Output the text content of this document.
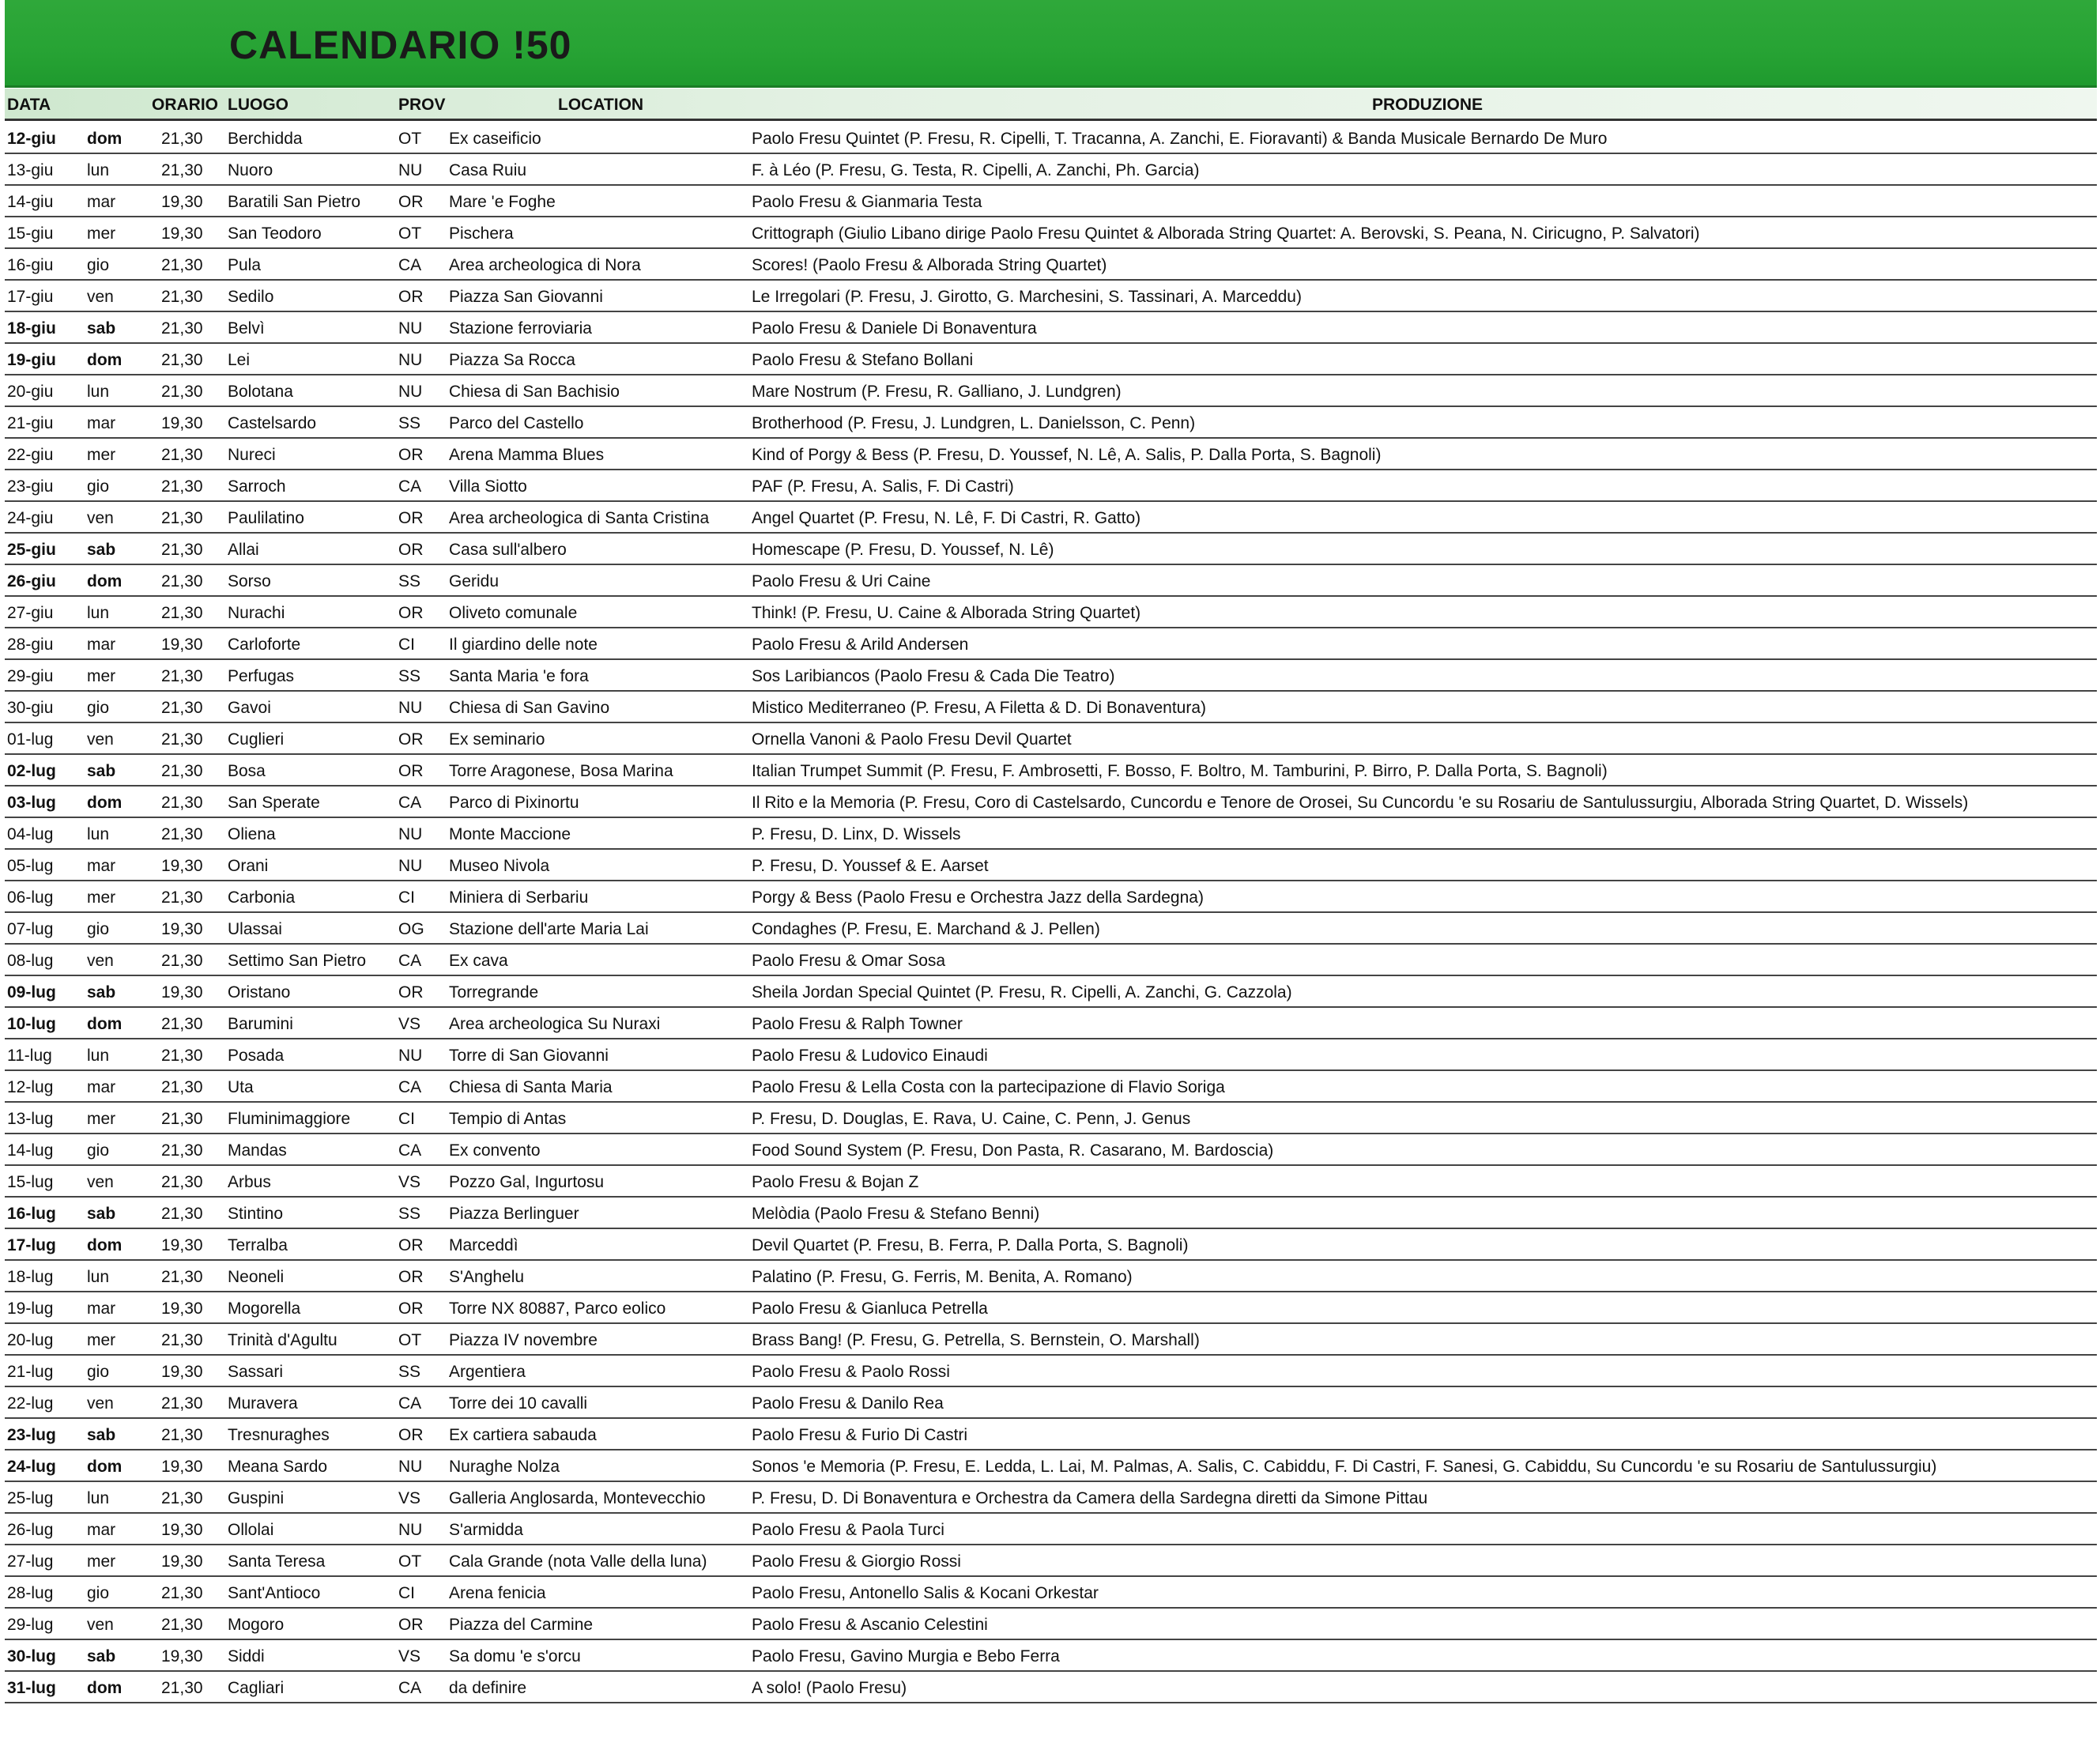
CALENDARIO !50
DATA	ORARIO LUOGO	PROV	LOCATION	PRODUZIONE
12-giu dom 21,30 Berchidda	OT Ex caseificio	Paolo Fresu Quintet (P. Fresu, R. Cipelli, T. Tracanna, A. Zanchi, E. Fioravanti) & Banda Musicale Bernardo De Muro
13-giu lun	21,30 Nuoro	NU Casa Ruiu	F. à Léo (P. Fresu, G. Testa, R. Cipelli, A. Zanchi, Ph. Garcia)
14-giu mar	19,30 Baratili San Pietro OR Mare 'e Foghe	Paolo Fresu & Gianmaria Testa
15-giu mer	19,30 San Teodoro	OT Pischera	Crittograph (Giulio Libano dirige Paolo Fresu Quintet & Alborada String Quartet: A. Berovski, S. Peana, N. Ciricugno, P. Salvatori)
16-giu gio	21,30 Pula	CA Area archeologica di Nora	Scores! (Paolo Fresu & Alborada String Quartet)
17-giu ven	21,30 Sedilo	OR Piazza San Giovanni	Le Irregolari (P. Fresu, J. Girotto, G. Marchesini, S. Tassinari, A. Marceddu)
18-giu sab	21,30 Belvì	NU Stazione ferroviaria	Paolo Fresu & Daniele Di Bonaventura
19-giu dom 21,30 Lei	NU Piazza Sa Rocca	Paolo Fresu & Stefano Bollani
20-giu lun	21,30 Bolotana	NU Chiesa di San Bachisio	Mare Nostrum (P. Fresu, R. Galliano, J. Lundgren)
21-giu mar	19,30 Castelsardo	SS Parco del Castello	Brotherhood (P. Fresu, J. Lundgren, L. Danielsson, C. Penn)
22-giu mer	21,30 Nureci	OR Arena Mamma Blues	Kind of Porgy & Bess (P. Fresu, D. Youssef, N. Lê, A. Salis, P. Dalla Porta, S. Bagnoli)
23-giu gio	21,30 Sarroch	CA Villa Siotto	PAF (P. Fresu, A. Salis, F. Di Castri)
24-giu ven	21,30 Paulilatino	OR Area archeologica di Santa Cristina	Angel Quartet (P. Fresu, N. Lê, F. Di Castri, R. Gatto)
25-giu sab	21,30 Allai	OR Casa sull'albero	Homescape (P. Fresu, D. Youssef, N. Lê)
26-giu dom 21,30 Sorso	SS Geridu	Paolo Fresu & Uri Caine
27-giu lun	21,30 Nurachi	OR Oliveto comunale	Think! (P. Fresu, U. Caine & Alborada String Quartet)
28-giu mar	19,30 Carloforte	CI Il giardino delle note	Paolo Fresu & Arild Andersen
29-giu mer	21,30 Perfugas	SS Santa Maria 'e fora	Sos Laribiancos (Paolo Fresu & Cada Die Teatro)
30-giu gio	21,30 Gavoi	NU Chiesa di San Gavino	Mistico Mediterraneo (P. Fresu, A Filetta & D. Di Bonaventura)
01-lug ven	21,30 Cuglieri	OR Ex seminario	Ornella Vanoni & Paolo Fresu Devil Quartet
02-lug sab	21,30 Bosa	OR Torre Aragonese, Bosa Marina	Italian Trumpet Summit (P. Fresu, F. Ambrosetti, F. Bosso, F. Boltro, M. Tamburini, P. Birro, P. Dalla Porta, S. Bagnoli)
03-lug dom 21,30 San Sperate	CA Parco di Pixinortu	Il Rito e la Memoria (P. Fresu, Coro di Castelsardo, Cuncordu e Tenore de Orosei, Su Cuncordu 'e su Rosariu de Santulussurgiu, Alborada String Quartet, D. Wissels)
04-lug lun	21,30 Oliena	NU Monte Maccione	P. Fresu, D. Linx, D. Wissels
05-lug mar	19,30 Orani	NU Museo Nivola	P. Fresu, D. Youssef & E. Aarset
06-lug mer	21,30 Carbonia	CI Miniera di Serbariu	Porgy & Bess (Paolo Fresu e Orchestra Jazz della Sardegna)
07-lug gio	19,30 Ulassai	OG Stazione dell'arte Maria Lai	Condaghes (P. Fresu, E. Marchand & J. Pellen)
08-lug ven	21,30 Settimo San Pietro CA Ex cava	Paolo Fresu & Omar Sosa
09-lug sab	19,30 Oristano	OR Torregrande	Sheila Jordan Special Quintet (P. Fresu, R. Cipelli, A. Zanchi, G. Cazzola)
10-lug dom 21,30 Barumini	VS Area archeologica Su Nuraxi	Paolo Fresu & Ralph Towner
11-lug lun	21,30 Posada	NU Torre di San Giovanni	Paolo Fresu & Ludovico Einaudi
12-lug mar	21,30 Uta	CA Chiesa di Santa Maria	Paolo Fresu & Lella Costa con la partecipazione di Flavio Soriga
13-lug mer	21,30 Fluminimaggiore	CI Tempio di Antas	P. Fresu, D. Douglas, E. Rava, U. Caine, C. Penn, J. Genus
14-lug gio	21,30 Mandas	CA Ex convento	Food Sound System (P. Fresu, Don Pasta, R. Casarano, M. Bardoscia)
15-lug ven	21,30 Arbus	VS Pozzo Gal, Ingurtosu	Paolo Fresu & Bojan Z
16-lug sab	21,30 Stintino	SS Piazza Berlinguer	Melòdia (Paolo Fresu & Stefano Benni)
17-lug dom 19,30 Terralba	OR Marceddì	Devil Quartet (P. Fresu, B. Ferra, P. Dalla Porta, S. Bagnoli)
18-lug lun	21,30 Neoneli	OR S'Anghelu	Palatino (P. Fresu, G. Ferris, M. Benita, A. Romano)
19-lug mar	19,30 Mogorella	OR Torre NX 80887, Parco eolico	Paolo Fresu & Gianluca Petrella
20-lug mer	21,30 Trinità d'Agultu	OT Piazza IV novembre	Brass Bang! (P. Fresu, G. Petrella, S. Bernstein, O. Marshall)
21-lug gio	19,30 Sassari	SS Argentiera	Paolo Fresu & Paolo Rossi
22-lug ven	21,30 Muravera	CA Torre dei 10 cavalli	Paolo Fresu & Danilo Rea
23-lug sab	21,30 Tresnuraghes	OR Ex cartiera sabauda	Paolo Fresu & Furio Di Castri
24-lug dom 19,30 Meana Sardo	NU Nuraghe Nolza	Sonos 'e Memoria (P. Fresu, E. Ledda, L. Lai, M. Palmas, A. Salis, C. Cabiddu, F. Di Castri, F. Sanesi, G. Cabiddu, Su Cuncordu 'e su Rosariu de Santulussurgiu)
25-lug lun	21,30 Guspini	VS Galleria Anglosarda, Montevecchio	P. Fresu, D. Di Bonaventura e Orchestra da Camera della Sardegna diretti da Simone Pittau
26-lug mar	19,30 Ollolai	NU S'armidda	Paolo Fresu & Paola Turci
27-lug mer	19,30 Santa Teresa	OT Cala Grande (nota Valle della luna)	Paolo Fresu & Giorgio Rossi
28-lug gio	21,30 Sant'Antioco	CI Arena fenicia	Paolo Fresu, Antonello Salis & Kocani Orkestar
29-lug ven	21,30 Mogoro	OR Piazza del Carmine	Paolo Fresu & Ascanio Celestini
30-lug sab	19,30 Siddi	VS Sa domu 'e s'orcu	Paolo Fresu, Gavino Murgia e Bebo Ferra
31-lug dom 21,30 Cagliari	CA da definire	A solo! (Paolo Fresu)
